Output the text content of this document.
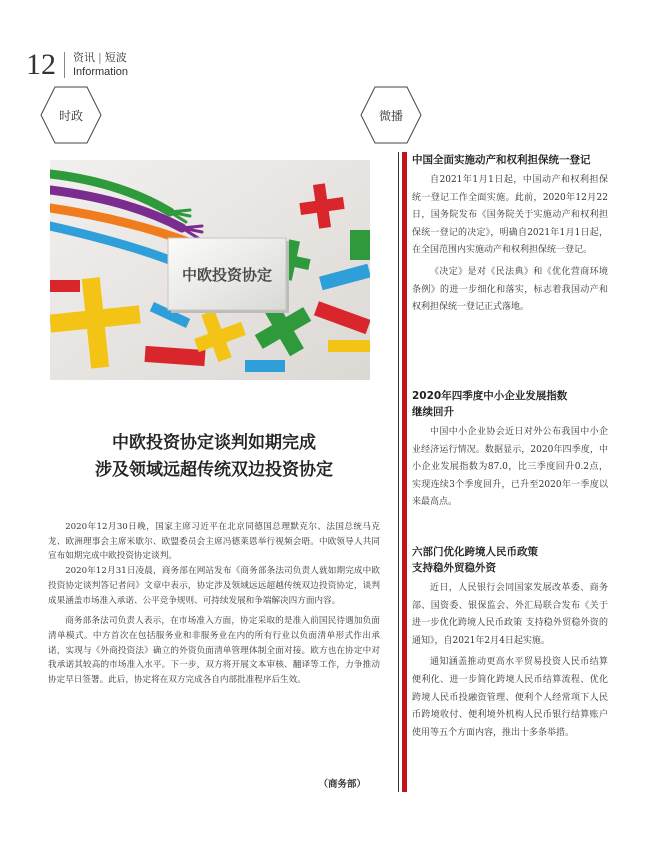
12 资讯 | 短波
Information
时政	微播
中欧投资协定
中欧投资协定谈判如期完成
涉及领域远超传统双边投资协定

2020年12月30日晚，国家主席习近平在北京同德国总理默克尔、法国总统马克龙、欧洲理事会主席米歇尔、欧盟委员会主席冯德莱恩举行视频会晤。中欧领导人共同宣布如期完成中欧投资协定谈判。

2020年12月31日凌晨，商务部在网站发布《商务部条法司负责人就如期完成中欧投资协定谈判答记者问》文章中表示，协定涉及领域远远超越传统双边投资协定，谈判成果涵盖市场准入承诺、公平竞争规则、可持续发展和争端解决四方面内容。

商务部条法司负责人表示，在市场准入方面，协定采取的是准入前国民待遇加负面清单模式。中方首次在包括服务业和非服务业在内的所有行业以负面清单形式作出承诺，实现与《外商投资法》确立的外资负面清单管理体制全面对接。欧方也在协定中对我承诺其较高的市场准入水平。下一步，双方将开展文本审核、翻译等工作，力争推动协定早日签署。此后，协定将在双方完成各自内部批准程序后生效。

（商务部）
中国全面实施动产和权利担保统一登记

自2021年1月1日起，中国动产和权利担保统一登记工作全面实施。此前，2020年12月22日，国务院发布《国务院关于实施动产和权利担保统一登记的决定》，明确自2021年1月1日起，在全国范围内实施动产和权利担保统一登记。

《决定》是对《民法典》和《优化营商环境条例》的进一步细化和落实，标志着我国动产和权利担保统一登记正式落地。

2020年四季度中小企业发展指数
继续回升

中国中小企业协会近日对外公布我国中小企业经济运行情况。数据显示，2020年四季度，中小企业发展指数为87.0，比三季度回升0.2点，实现连续3个季度回升，已升至2020年一季度以来最高点。

六部门优化跨境人民币政策
支持稳外贸稳外资

近日，人民银行会同国家发展改革委、商务部、国资委、银保监会、外汇局联合发布《关于进一步优化跨境人民币政策 支持稳外贸稳外资的通知》，自2021年2月4日起实施。

通知涵盖推动更高水平贸易投资人民币结算便利化、进一步简化跨境人民币结算流程、优化跨境人民币投融资管理、便利个人经常项下人民币跨境收付、便利境外机构人民币银行结算账户使用等五个方面内容，推出十多条举措。
